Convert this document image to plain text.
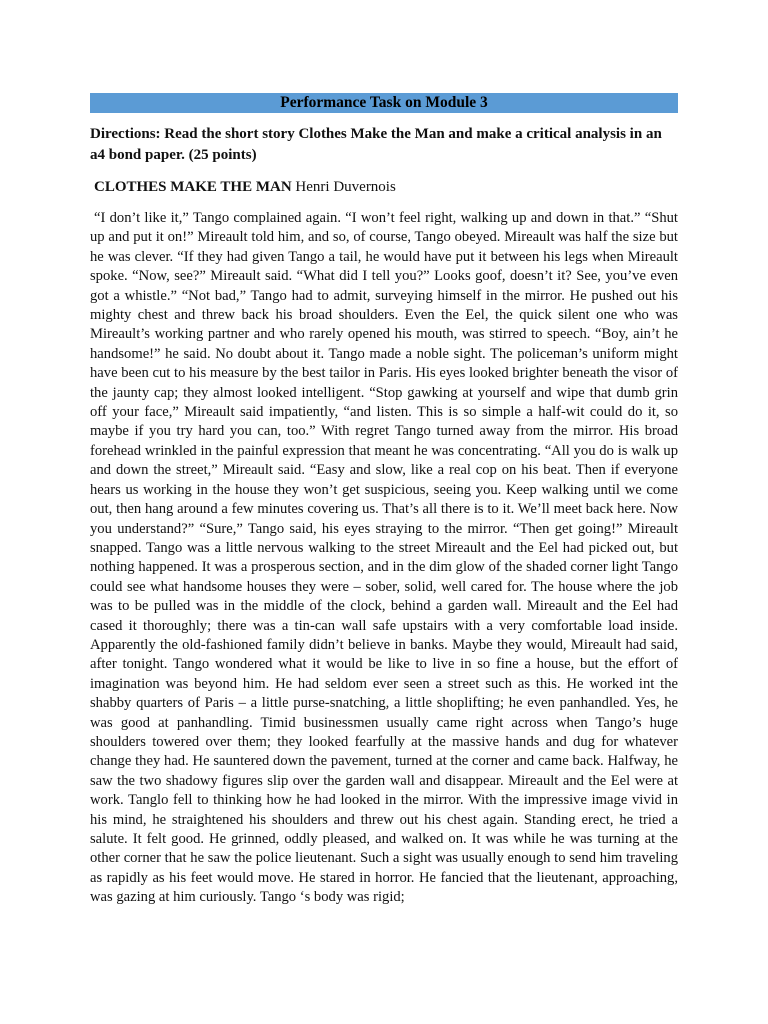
Performance Task on Module 3
Directions: Read the short story Clothes Make the Man and make a critical analysis in an a4 bond paper. (25 points)
CLOTHES MAKE THE MAN Henri Duvernois
“I don’t like it,” Tango complained again. “I won’t feel right, walking up and down in that.” “Shut up and put it on!” Mireault told him, and so, of course, Tango obeyed. Mireault was half the size but he was clever. “If they had given Tango a tail, he would have put it between his legs when Mireault spoke. “Now, see?” Mireault said. “What did I tell you?” Looks goof, doesn’t it? See, you’ve even got a whistle.” “Not bad,” Tango had to admit, surveying himself in the mirror. He pushed out his mighty chest and threw back his broad shoulders. Even the Eel, the quick silent one who was Mireault’s working partner and who rarely opened his mouth, was stirred to speech. “Boy, ain’t he handsome!” he said. No doubt about it. Tango made a noble sight. The policeman’s uniform might have been cut to his measure by the best tailor in Paris. His eyes looked brighter beneath the visor of the jaunty cap; they almost looked intelligent. “Stop gawking at yourself and wipe that dumb grin off your face,” Mireault said impatiently, “and listen. This is so simple a half-wit could do it, so maybe if you try hard you can, too.” With regret Tango turned away from the mirror. His broad forehead wrinkled in the painful expression that meant he was concentrating. “All you do is walk up and down the street,” Mireault said. “Easy and slow, like a real cop on his beat. Then if everyone hears us working in the house they won’t get suspicious, seeing you. Keep walking until we come out, then hang around a few minutes covering us. That’s all there is to it. We’ll meet back here. Now you understand?” “Sure,” Tango said, his eyes straying to the mirror. “Then get going!” Mireault snapped. Tango was a little nervous walking to the street Mireault and the Eel had picked out, but nothing happened. It was a prosperous section, and in the dim glow of the shaded corner light Tango could see what handsome houses they were – sober, solid, well cared for. The house where the job was to be pulled was in the middle of the clock, behind a garden wall. Mireault and the Eel had cased it thoroughly; there was a tin-can wall safe upstairs with a very comfortable load inside. Apparently the old-fashioned family didn’t believe in banks. Maybe they would, Mireault had said, after tonight. Tango wondered what it would be like to live in so fine a house, but the effort of imagination was beyond him. He had seldom ever seen a street such as this. He worked int the shabby quarters of Paris – a little purse-snatching, a little shoplifting; he even panhandled. Yes, he was good at panhandling. Timid businessmen usually came right across when Tango’s huge shoulders towered over them; they looked fearfully at the massive hands and dug for whatever change they had. He sauntered down the pavement, turned at the corner and came back. Halfway, he saw the two shadowy figures slip over the garden wall and disappear. Mireault and the Eel were at work. Tanglo fell to thinking how he had looked in the mirror. With the impressive image vivid in his mind, he straightened his shoulders and threw out his chest again. Standing erect, he tried a salute. It felt good. He grinned, oddly pleased, and walked on. It was while he was turning at the other corner that he saw the police lieutenant. Such a sight was usually enough to send him traveling as rapidly as his feet would move. He stared in horror. He fancied that the lieutenant, approaching, was gazing at him curiously. Tango ‘s body was rigid;
